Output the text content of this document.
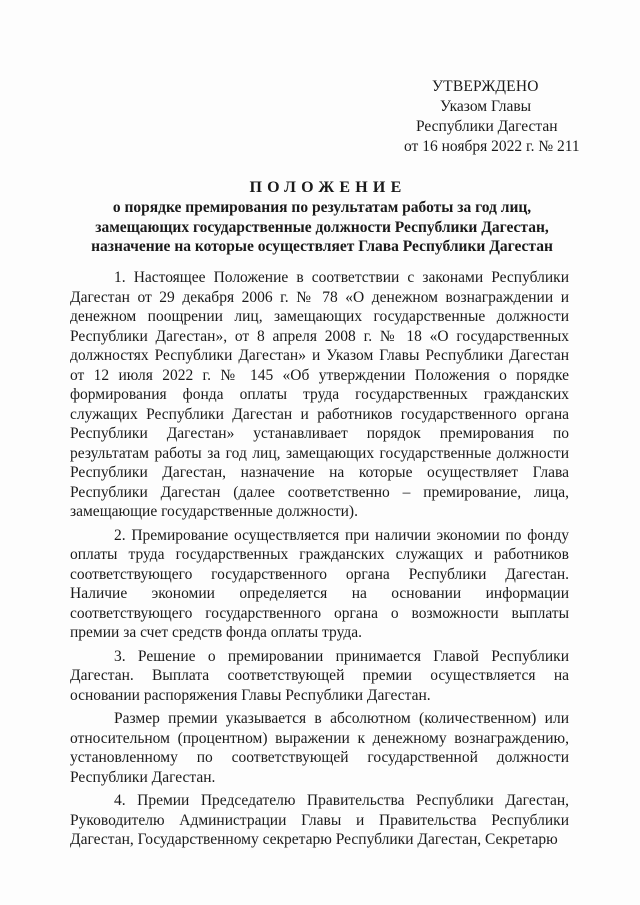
УТВЕРЖДЕНО
Указом Главы
Республики Дагестан
от 16 ноября 2022 г. № 211
ПОЛОЖЕНИЕ
о порядке премирования по результатам работы за год лиц,
замещающих государственные должности Республики Дагестан,
назначение на которые осуществляет Глава Республики Дагестан

1. Настоящее Положение в соответствии с законами Республики Дагестан от 29 декабря 2006 г. № 78 «О денежном вознаграждении и денежном поощрении лиц, замещающих государственные должности Республики Дагестан», от 8 апреля 2008 г. № 18 «О государственных должностях Республики Дагестан» и Указом Главы Республики Дагестан от 12 июля 2022 г. № 145 «Об утверждении Положения о порядке формирования фонда оплаты труда государственных гражданских служащих Республики Дагестан и работников государственного органа Республики Дагестан» устанавливает порядок премирования по результатам работы за год лиц, замещающих государственные должности Республики Дагестан, назначение на которые осуществляет Глава Республики Дагестан (далее соответственно – премирование, лица, замещающие государственные должности).

2. Премирование осуществляется при наличии экономии по фонду оплаты труда государственных гражданских служащих и работников соответствующего государственного органа Республики Дагестан. Наличие экономии определяется на основании информации соответствующего государственного органа о возможности выплаты премии за счет средств фонда оплаты труда.

3. Решение о премировании принимается Главой Республики Дагестан. Выплата соответствующей премии осуществляется на основании распоряжения Главы Республики Дагестан.

Размер премии указывается в абсолютном (количественном) или относительном (процентном) выражении к денежному вознаграждению, установленному по соответствующей государственной должности Республики Дагестан.

4. Премии Председателю Правительства Республики Дагестан, Руководителю Администрации Главы и Правительства Республики Дагестан, Государственному секретарю Республики Дагестан, Секретарю
